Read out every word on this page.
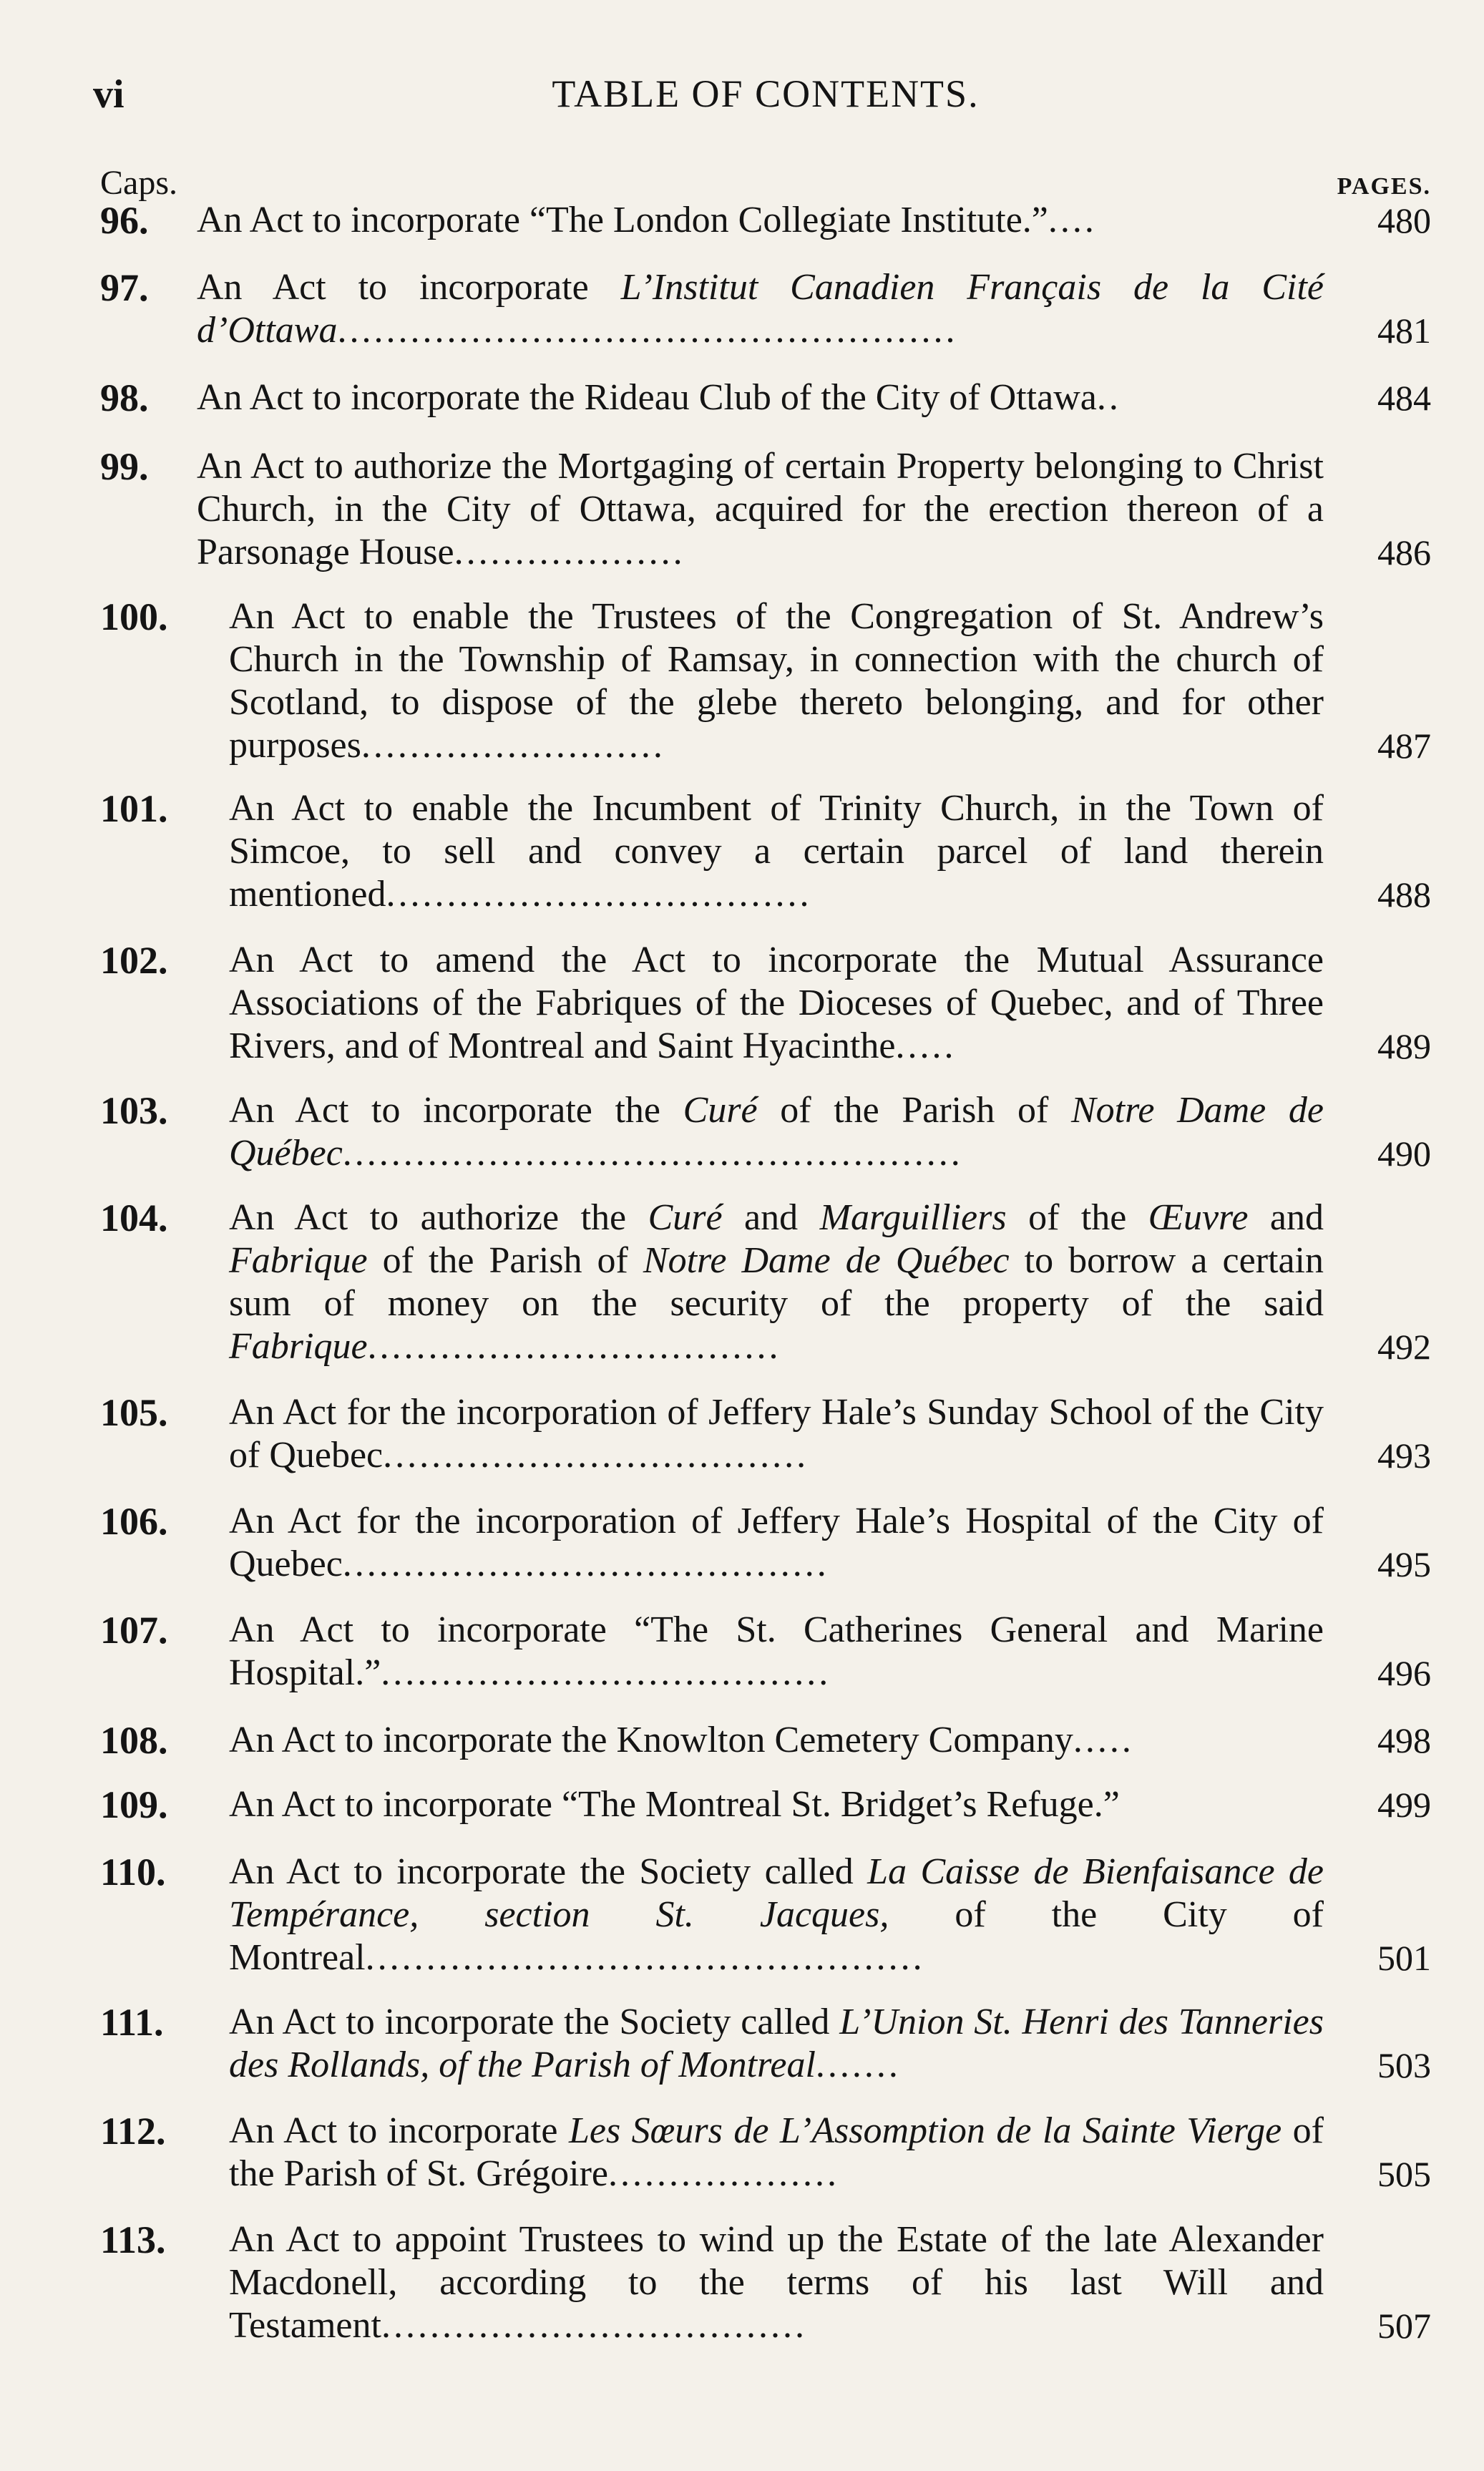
vi	TABLE OF CONTENTS.
Caps.	PAGES.
96. An Act to incorporate “The London Collegiate Institute.”....	480
97. An Act to incorporate L’Institut Canadien Français de la Cité d’Ottawa...................................................	481
98. An Act to incorporate the Rideau Club of the City of Ottawa..	484
99. An Act to authorize the Mortgaging of certain Property belonging to Christ Church, in the City of Ottawa, acquired for the erection thereon of a Parsonage House...................	486
100. An Act to enable the Trustees of the Congregation of St. Andrew’s Church in the Township of Ramsay, in connection with the church of Scotland, to dispose of the glebe thereto belonging, and for other purposes.........................	487
101. An Act to enable the Incumbent of Trinity Church, in the Town of Simcoe, to sell and convey a certain parcel of land therein mentioned...................................	488
102. An Act to amend the Act to incorporate the Mutual Assurance Associations of the Fabriques of the Dioceses of Quebec, and of Three Rivers, and of Montreal and Saint Hyacinthe.....	489
103. An Act to incorporate the Curé of the Parish of Notre Dame de Québec...................................................	490
104. An Act to authorize the Curé and Marguilliers of the Œuvre and Fabrique of the Parish of Notre Dame de Québec to borrow a certain sum of money on the security of the property of the said Fabrique..................................	492
105. An Act for the incorporation of Jeffery Hale’s Sunday School of the City of Quebec...................................	493
106. An Act for the incorporation of Jeffery Hale’s Hospital of the City of Quebec........................................	495
107. An Act to incorporate “The St. Catherines General and Marine Hospital.”.....................................	496
108. An Act to incorporate the Knowlton Cemetery Company.....	498
109. An Act to incorporate “The Montreal St. Bridget’s Refuge.”	499
110. An Act to incorporate the Society called La Caisse de Bienfaisance de Tempérance, section St. Jacques, of the City of Montreal..............................................	501
111. An Act to incorporate the Society called L’Union St. Henri des Tanneries des Rollands, of the Parish of Montreal.......	503
112. An Act to incorporate Les Sœurs de L’Assomption de la Sainte Vierge of the Parish of St. Grégoire...................	505
113. An Act to appoint Trustees to wind up the Estate of the late Alexander Macdonell, according to the terms of his last Will and Testament...................................	507
